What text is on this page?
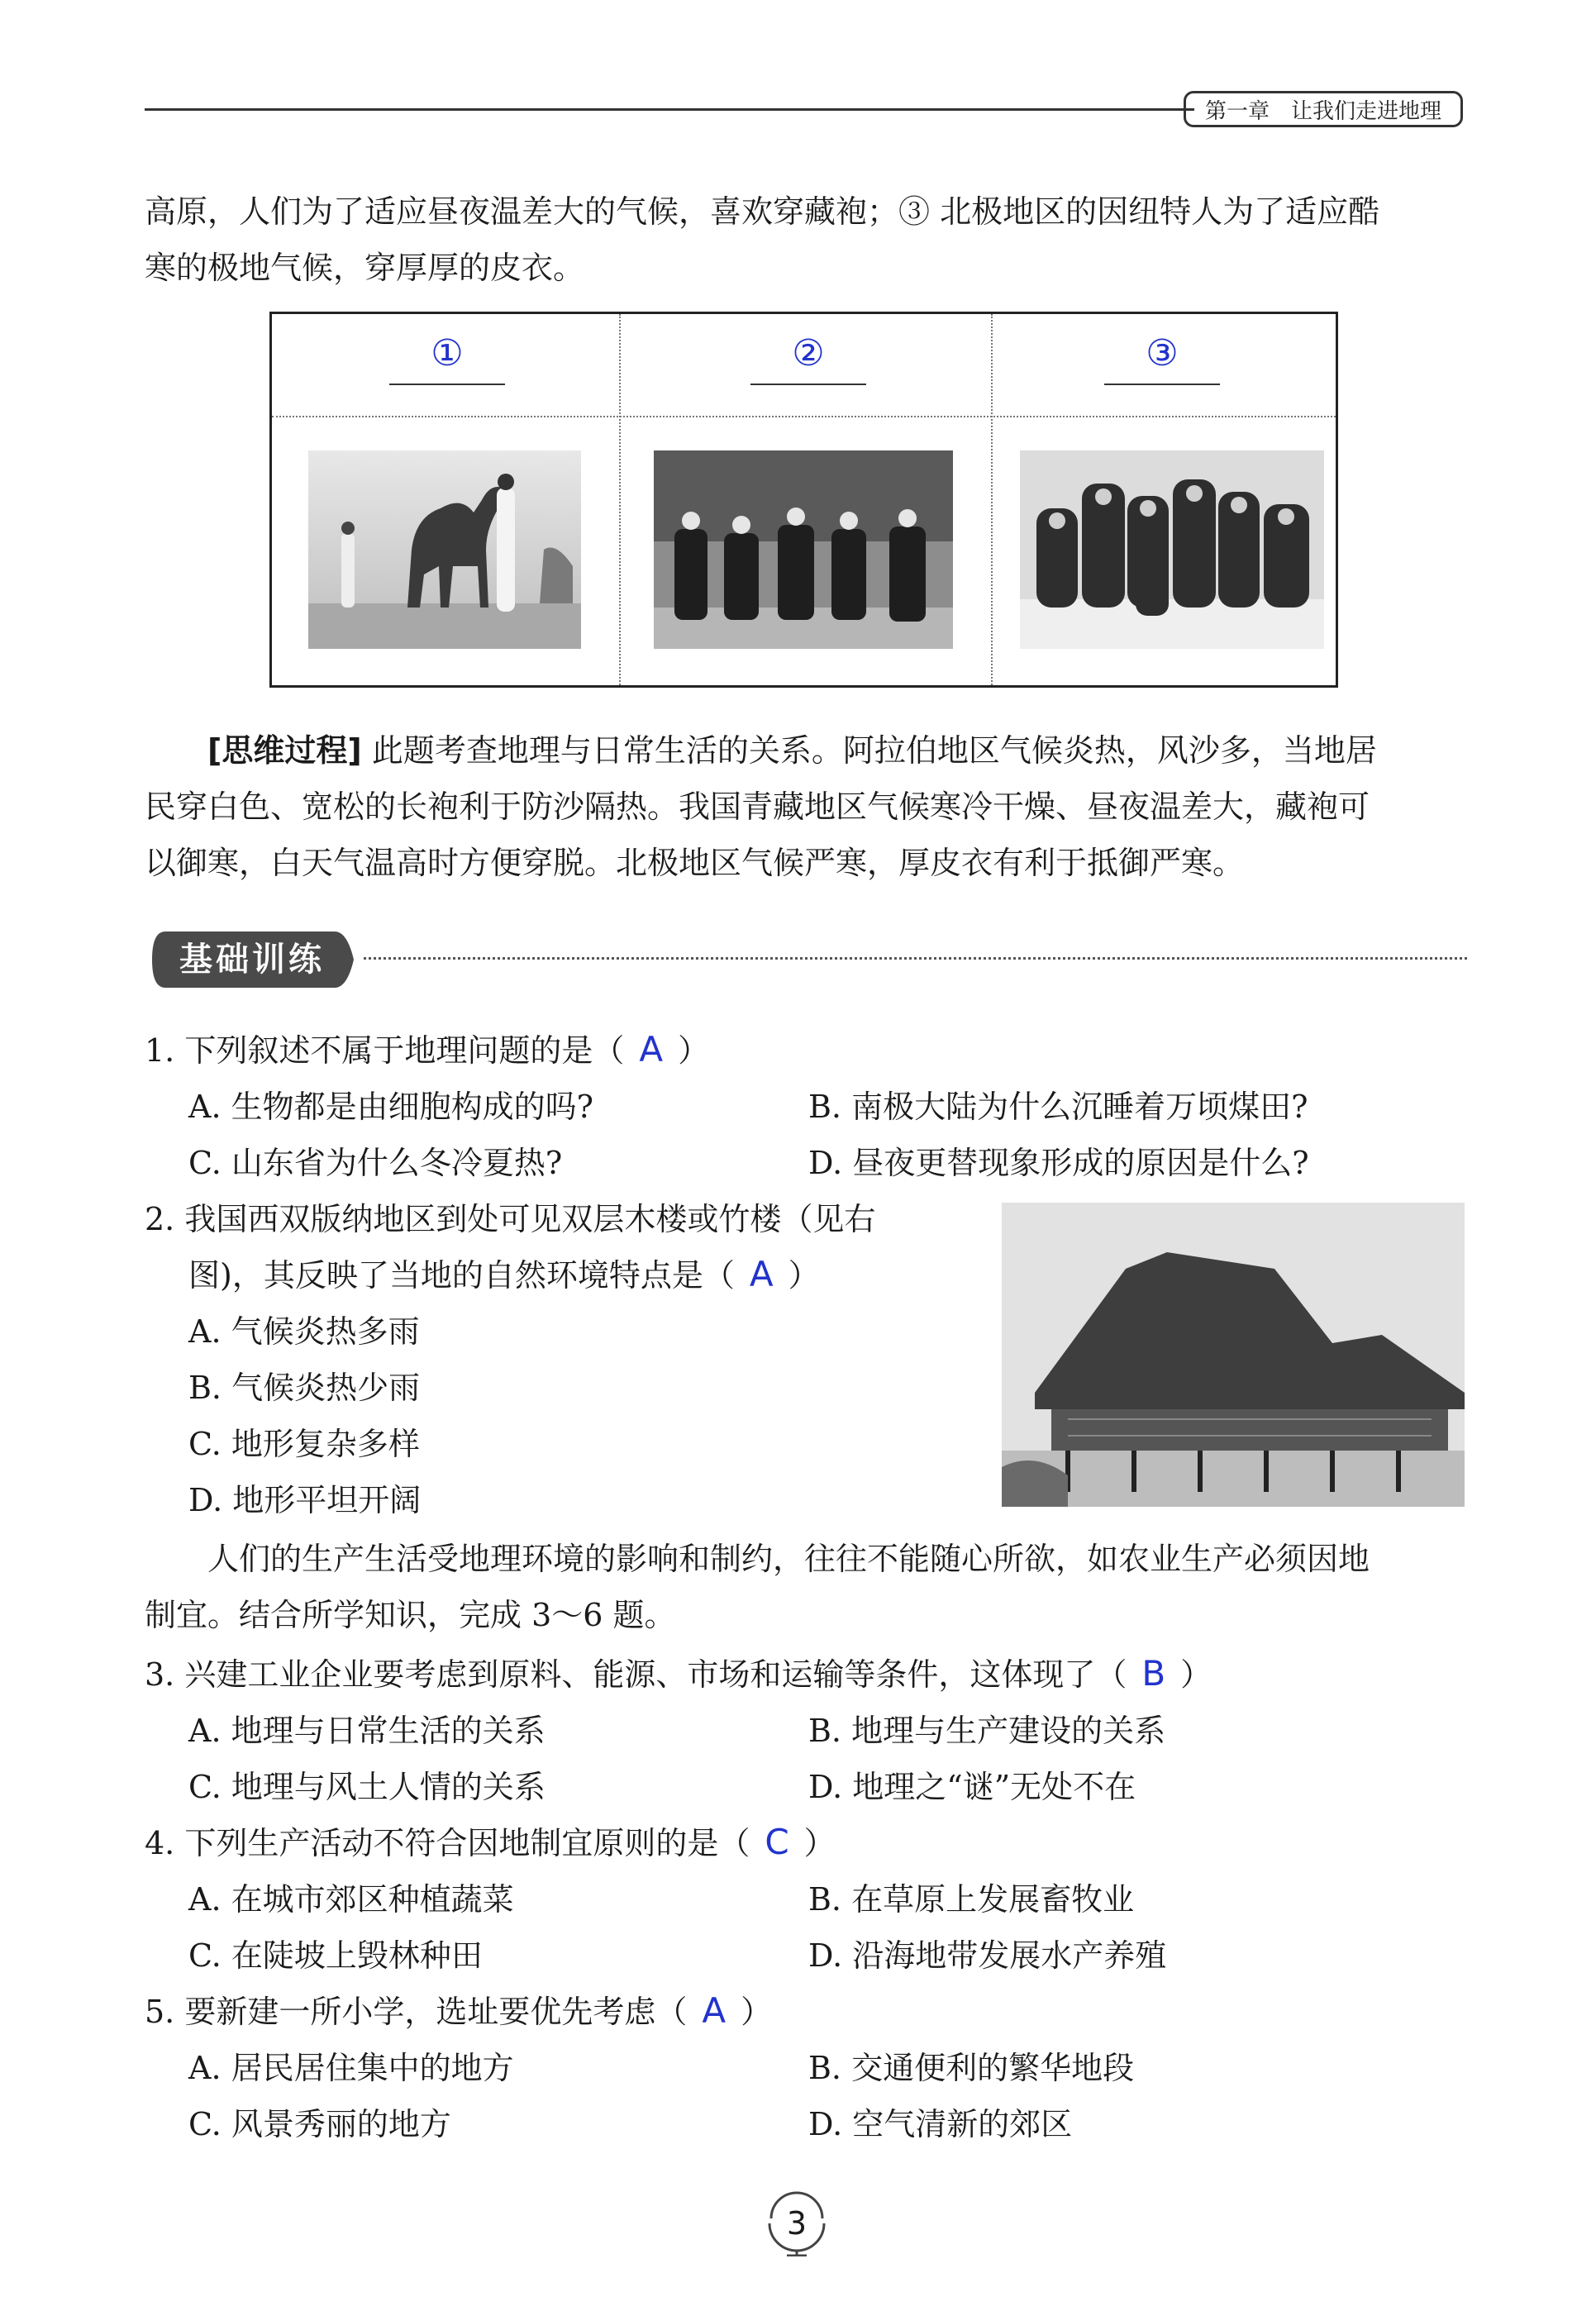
第一章 让我们走进地理

高原，人们为了适应昼夜温差大的气候，喜欢穿藏袍；③ 北极地区的因纽特人为了适应酷

寒的极地气候，穿厚厚的皮衣。

①	②	③

[思维过程] 此题考查地理与日常生活的关系。阿拉伯地区气候炎热，风沙多，当地居

民穿白色、宽松的长袍利于防沙隔热。我国青藏地区气候寒冷干燥、昼夜温差大，藏袍可

以御寒，白天气温高时方便穿脱。北极地区气候严寒，厚皮衣有利于抵御严寒。

基础训练
1. 下列叙述不属于地理问题的是（ A ）
A. 生物都是由细胞构成的吗?	B. 南极大陆为什么沉睡着万顷煤田?
C. 山东省为什么冬冷夏热?	D. 昼夜更替现象形成的原因是什么?
2. 我国西双版纳地区到处可见双层木楼或竹楼（见右
图)，其反映了当地的自然环境特点是（ A ）
A. 气候炎热多雨
B. 气候炎热少雨
C. 地形复杂多样
D. 地形平坦开阔

人们的生产生活受地理环境的影响和制约，往往不能随心所欲，如农业生产必须因地

制宜。结合所学知识，完成 3～6 题。

3. 兴建工业企业要考虑到原料、能源、市场和运输等条件，这体现了（ B ）
A. 地理与日常生活的关系	B. 地理与生产建设的关系
C. 地理与风土人情的关系	D. 地理之“谜”无处不在
4. 下列生产活动不符合因地制宜原则的是（ C ）
A. 在城市郊区种植蔬菜	B. 在草原上发展畜牧业
C. 在陡坡上毁林种田	D. 沿海地带发展水产养殖
5. 要新建一所小学，选址要优先考虑（ A ）
A. 居民居住集中的地方	B. 交通便利的繁华地段
C. 风景秀丽的地方	D. 空气清新的郊区
3
